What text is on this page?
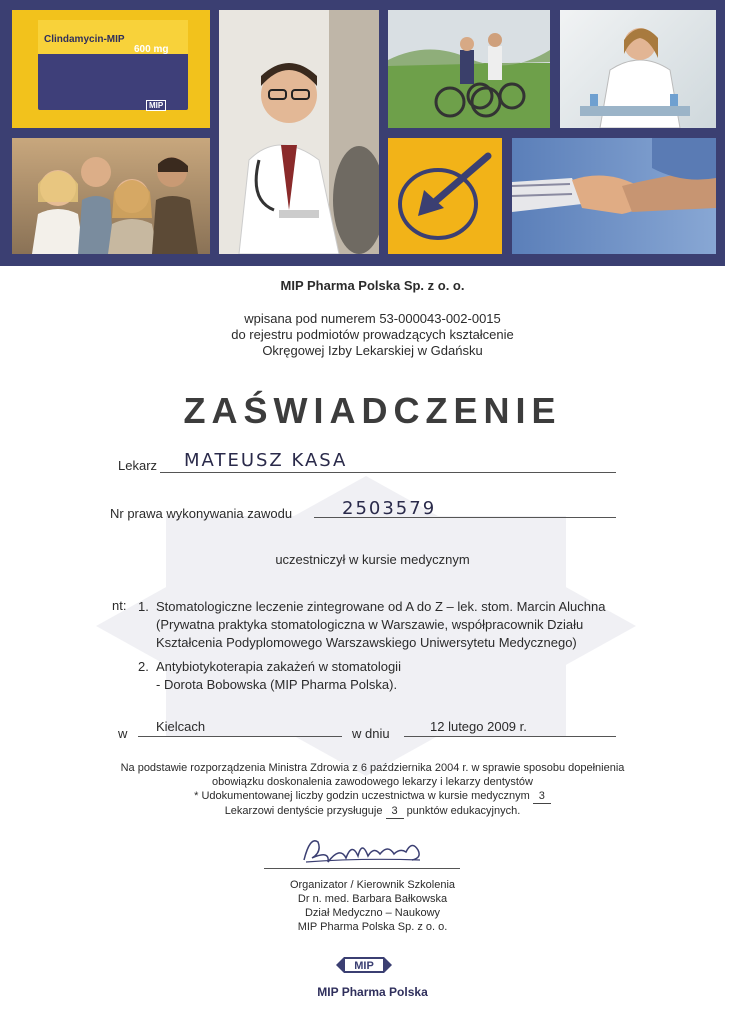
Clindamycin-MIP
600 mg
MIP
MIP Pharma Polska Sp. z o. o.
wpisana pod numerem 53-000043-002-0015
do rejestru podmiotów prowadzących kształcenie
Okręgowej Izby Lekarskiej w Gdańsku
ZAŚWIADCZENIE
Lekarz MATEUSZ KASA
Nr prawa wykonywania zawodu	2503579
uczestniczył w kursie medycznym
nt: 1. Stomatologiczne leczenie zintegrowane od A do Z – lek. stom. Marcin Aluchna
(Prywatna praktyka stomatologiczna w Warszawie, współpracownik Działu
Kształcenia Podyplomowego Warszawskiego Uniwersytetu Medycznego)
2. Antybiotykoterapia zakażeń w stomatologii
- Dorota Bobowska (MIP Pharma Polska).
w Kielcach	w dniu	12 lutego 2009 r.
Na podstawie rozporządzenia Ministra Zdrowia z 6 października 2004 r. w sprawie sposobu dopełnienia
obowiązku doskonalenia zawodowego lekarzy i lekarzy dentystów
* Udokumentowanej liczby godzin uczestnictwa w kursie medycznym 3
Lekarzowi dentyście przysługuje 3 punktów edukacyjnych.
Organizator / Kierownik Szkolenia
Dr n. med. Barbara Bałkowska
Dział Medyczno – Naukowy
MIP Pharma Polska Sp. z o. o.
MIP
MIP Pharma Polska
